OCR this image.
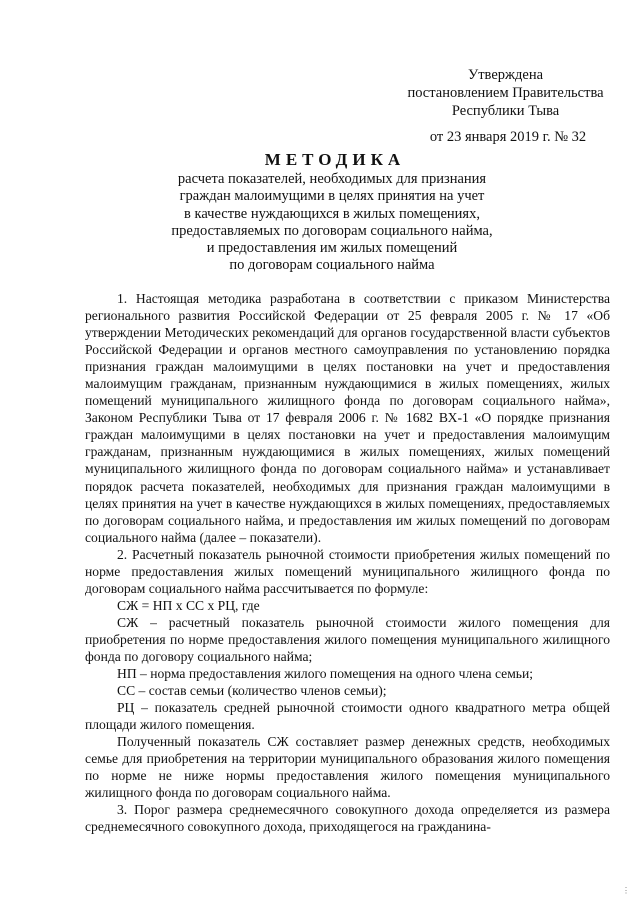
Утверждена
постановлением Правительства
Республики Тыва
от 23 января 2019 г. № 32
МЕТОДИКА
расчета показателей, необходимых для признания
граждан малоимущими в целях принятия на учет
в качестве нуждающихся в жилых помещениях,
предоставляемых по договорам социального найма,
и предоставления им жилых помещений
по договорам социального найма

1. Настоящая методика разработана в соответствии с приказом Министерства регионального развития Российской Федерации от 25 февраля 2005 г. № 17 «Об утверждении Методических рекомендаций для органов государственной власти субъектов Российской Федерации и органов местного самоуправления по установлению порядка признания граждан малоимущими в целях постановки на учет и предоставления малоимущим гражданам, признанным нуждающимися в жилых помещениях, жилых помещений муниципального жилищного фонда по договорам социального найма», Законом Республики Тыва от 17 февраля 2006 г. № 1682 ВХ-1 «О порядке признания граждан малоимущими в целях постановки на учет и предоставления малоимущим гражданам, признанным нуждающимися в жилых помещениях, жилых помещений муниципального жилищного фонда по договорам социального найма» и устанавливает порядок расчета показателей, необходимых для признания граждан малоимущими в целях принятия на учет в качестве нуждающихся в жилых помещениях, предоставляемых по договорам социального найма, и предоставления им жилых помещений по договорам социального найма (далее – показатели).

2. Расчетный показатель рыночной стоимости приобретения жилых помещений по норме предоставления жилых помещений муниципального жилищного фонда по договорам социального найма рассчитывается по формуле:

СЖ = НП х СС х РЦ, где

СЖ – расчетный показатель рыночной стоимости жилого помещения для приобретения по норме предоставления жилого помещения муниципального жилищного фонда по договору социального найма;

НП – норма предоставления жилого помещения на одного члена семьи;

СС – состав семьи (количество членов семьи);

РЦ – показатель средней рыночной стоимости одного квадратного метра общей площади жилого помещения.

Полученный показатель СЖ составляет размер денежных средств, необходимых семье для приобретения на территории муниципального образования жилого помещения по норме не ниже нормы предоставления жилого помещения муниципального жилищного фонда по договорам социального найма.

3. Порог размера среднемесячного совокупного дохода определяется из размера среднемесячного совокупного дохода, приходящегося на гражданина-

⋮
